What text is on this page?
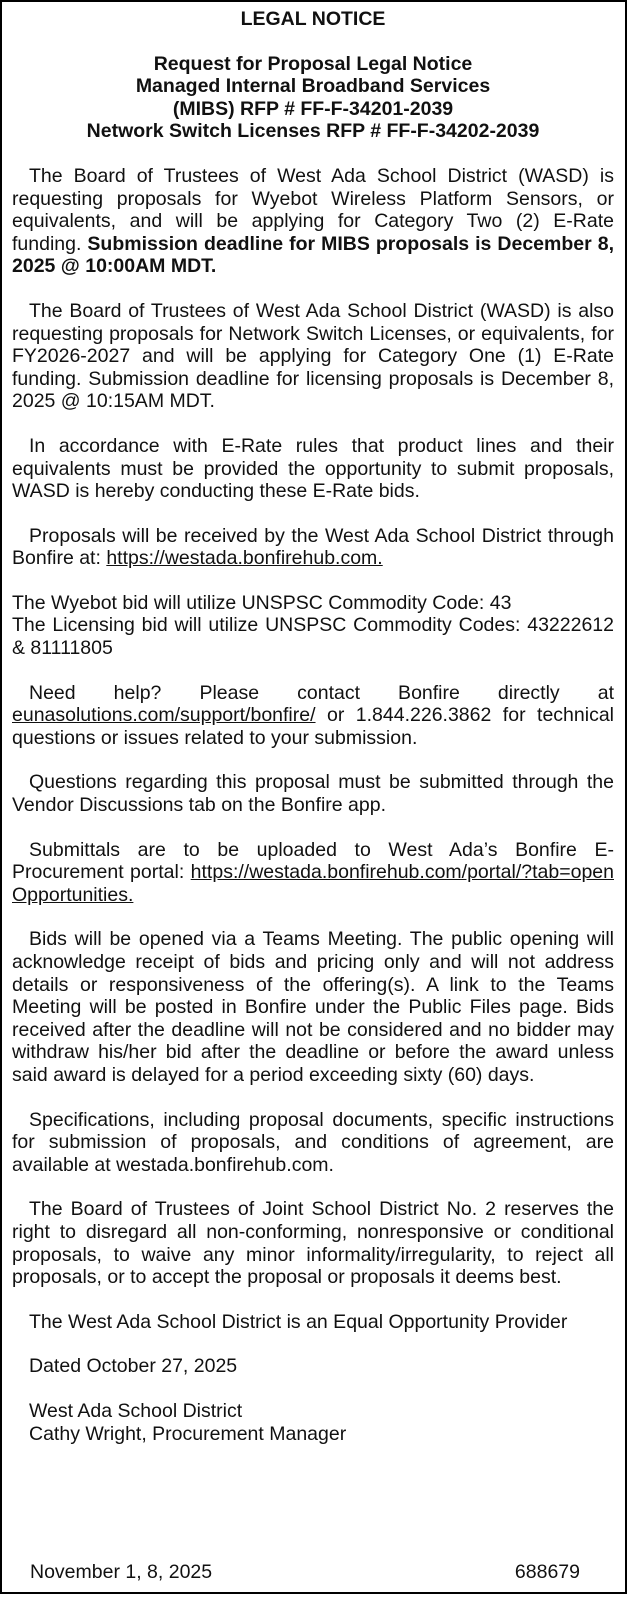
LEGAL NOTICE
Request for Proposal Legal Notice
Managed Internal Broadband Services
(MIBS) RFP # FF-F-34201-2039
Network Switch Licenses RFP # FF-F-34202-2039

The Board of Trustees of West Ada School District (WASD) is requesting proposals for Wyebot Wireless Platform Sensors, or equivalents, and will be applying for Category Two (2) E-Rate funding. Submission deadline for MIBS proposals is December 8, 2025 @ 10:00AM MDT.

The Board of Trustees of West Ada School District (WASD) is also requesting proposals for Network Switch Licenses, or equivalents, for FY2026-2027 and will be applying for Category One (1) E-Rate funding. Submission deadline for licensing proposals is December 8, 2025 @ 10:15AM MDT.

In accordance with E-Rate rules that product lines and their equivalents must be provided the opportunity to submit proposals, WASD is hereby conducting these E-Rate bids.

Proposals will be received by the West Ada School District through Bonfire at: https://westada.bonfirehub.com.

The Wyebot bid will utilize UNSPSC Commodity Code: 43
The Licensing bid will utilize UNSPSC Commodity Codes: 43222612 & 81111805

Need help? Please contact Bonfire directly at eunasolutions.com/support/bonfire/ or 1.844.226.3862 for technical questions or issues related to your submission.

Questions regarding this proposal must be submitted through the Vendor Discussions tab on the Bonfire app.

Submittals are to be uploaded to West Ada’s Bonfire E-Procurement portal: https://westada.bonfirehub.com/portal/?tab=openOpportunities.

Bids will be opened via a Teams Meeting. The public opening will acknowledge receipt of bids and pricing only and will not address details or responsiveness of the offering(s). A link to the Teams Meeting will be posted in Bonfire under the Public Files page. Bids received after the deadline will not be considered and no bidder may withdraw his/her bid after the deadline or before the award unless said award is delayed for a period exceeding sixty (60) days.

Specifications, including proposal documents, specific instructions for submission of proposals, and conditions of agreement, are available at westada.bonfirehub.com.

The Board of Trustees of Joint School District No. 2 reserves the right to disregard all non-conforming, nonresponsive or conditional proposals, to waive any minor informality/irregularity, to reject all proposals, or to accept the proposal or proposals it deems best.

The West Ada School District is an Equal Opportunity Provider

Dated October 27, 2025
West Ada School District
Cathy Wright, Procurement Manager
November 1, 8, 2025	688679
